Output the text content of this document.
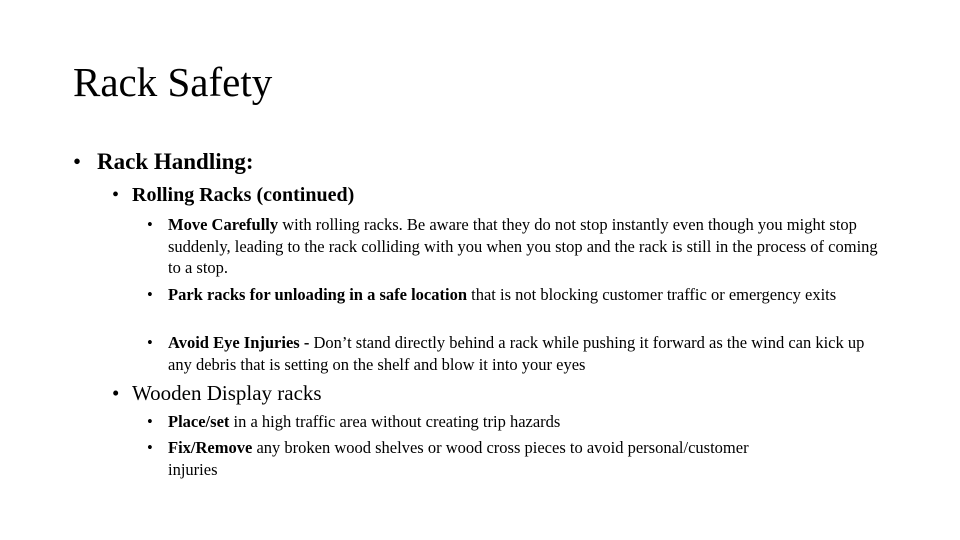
Rack Safety
• Rack Handling:
• Rolling Racks (continued)
• Move Carefully with rolling racks. Be aware that they do not stop instantly even though you might stop suddenly, leading to the rack colliding with you when you stop and the rack is still in the process of coming to a stop.
• Park racks for unloading in a safe location that is not blocking customer traffic or emergency exits
• Avoid Eye Injuries - Don’t stand directly behind a rack while pushing it forward as the wind can kick up any debris that is setting on the shelf and blow it into your eyes
• Wooden Display racks
• Place/set in a high traffic area without creating trip hazards
• Fix/Remove any broken wood shelves or wood cross pieces to avoid personal/customer injuries
